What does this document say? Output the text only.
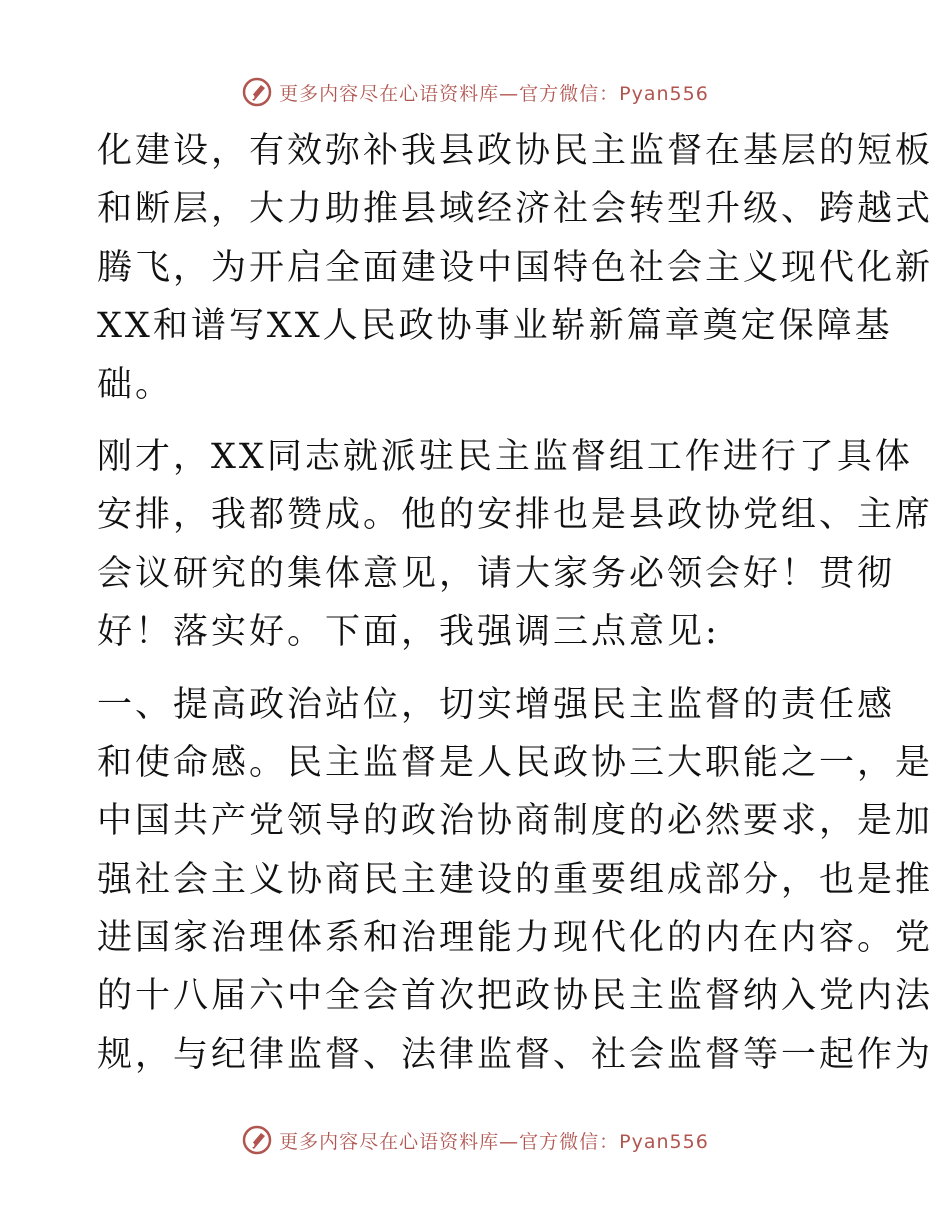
更多内容尽在心语资料库—官方微信：Pyan556
化建设，有效弥补我县政协民主监督在基层的短板
和断层，大力助推县域经济社会转型升级、跨越式
腾飞，为开启全面建设中国特色社会主义现代化新
XX和谱写XX人民政协事业崭新篇章奠定保障基
础。
刚才，XX同志就派驻民主监督组工作进行了具体
安排，我都赞成。他的安排也是县政协党组、主席
会议研究的集体意见，请大家务必领会好！贯彻
好！落实好。下面，我强调三点意见:
一、提高政治站位，切实增强民主监督的责任感
和使命感。民主监督是人民政协三大职能之一，是
中国共产党领导的政治协商制度的必然要求，是加
强社会主义协商民主建设的重要组成部分，也是推
进国家治理体系和治理能力现代化的内在内容。党
的十八届六中全会首次把政协民主监督纳入党内法
规，与纪律监督、法律监督、社会监督等一起作为
更多内容尽在心语资料库—官方微信：Pyan556
